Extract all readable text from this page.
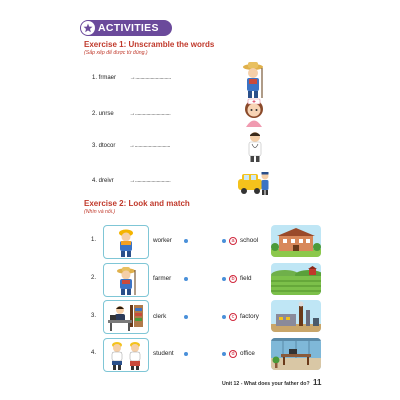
ACTIVITIES
Exercise 1: Unscramble the words
(Sắp xếp để được từ đúng.)
1. frmaer →............................
2. unrse	→............................
3. dtocor →............................
4. dreivr	→............................
Exercise 2: Look and match
(Nhìn và nối.)
1.	worker	a school
2.	farmer	b field
3.	clerk	c factory
4.	student	d office
Unit 12 - What does your father do? 11
